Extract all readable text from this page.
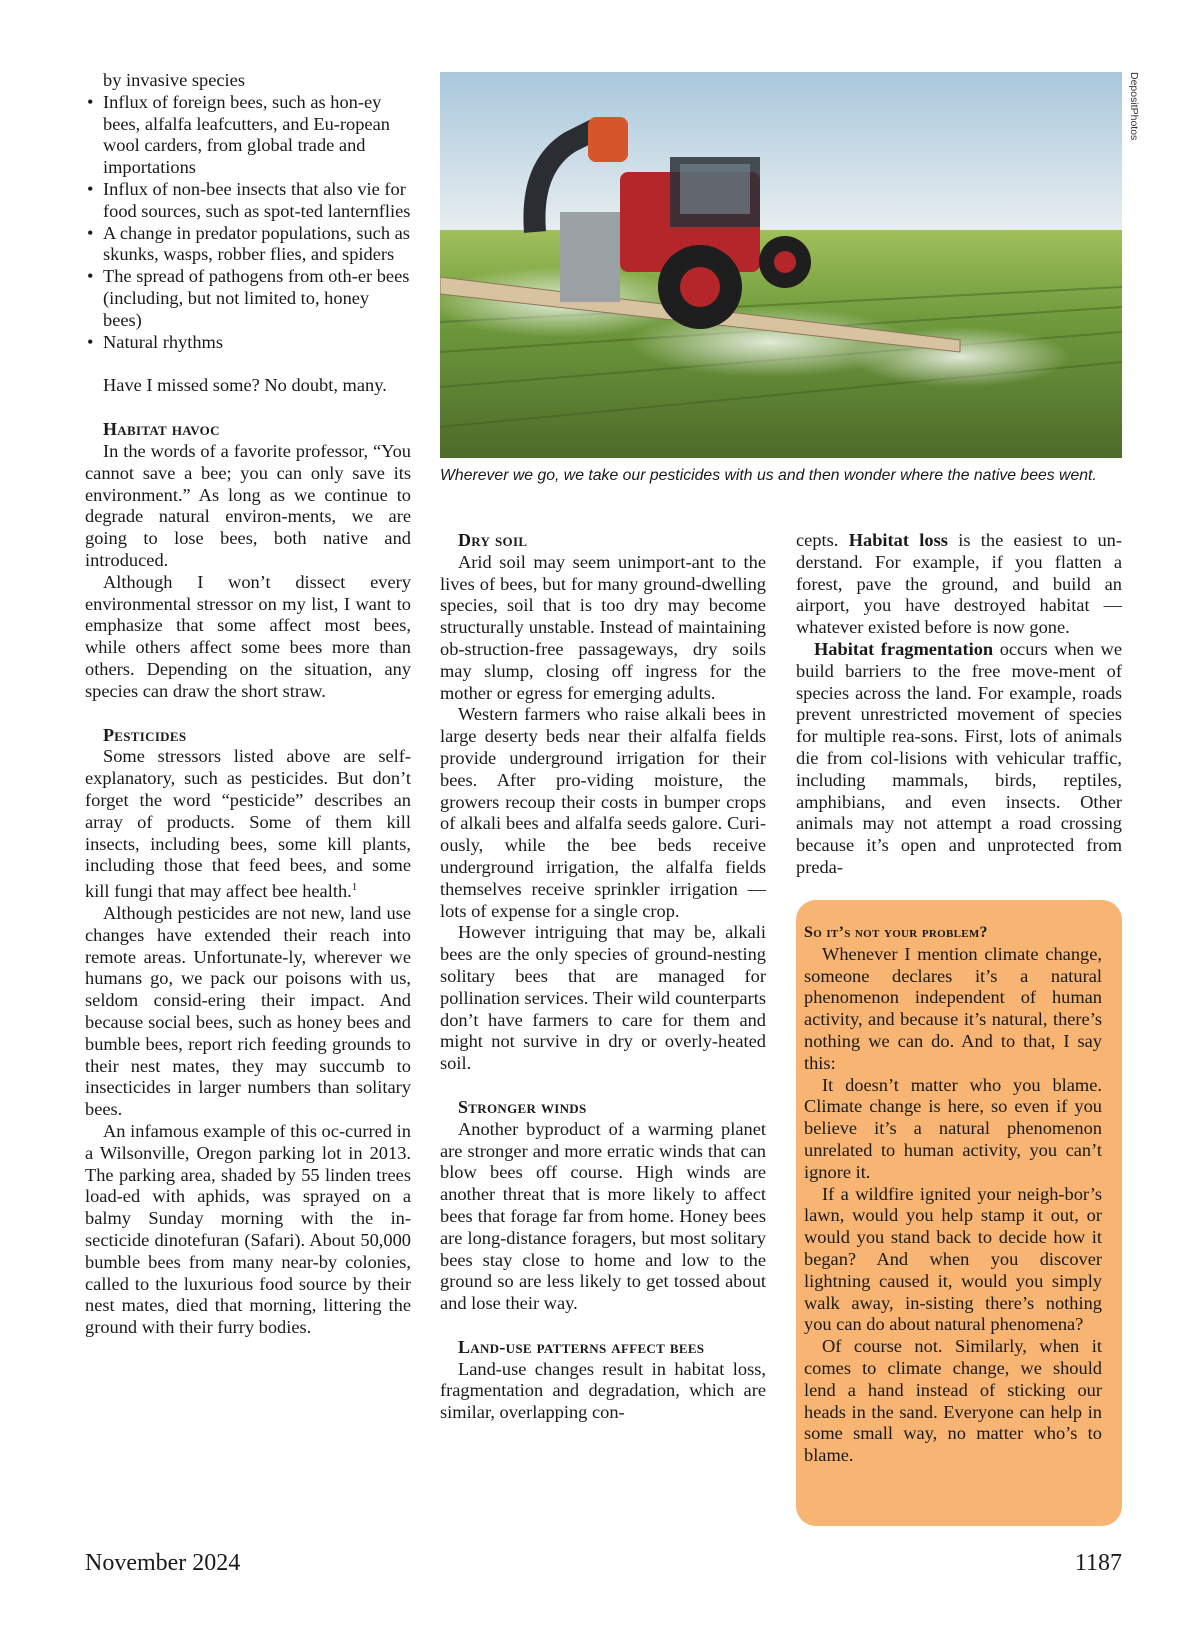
by invasive species
• Influx of foreign bees, such as hon-ey bees, alfalfa leafcutters, and Eu-ropean wool carders, from global trade and importations
• Influx of non-bee insects that also vie for food sources, such as spot-ted lanternflies
• A change in predator populations, such as skunks, wasps, robber flies, and spiders
• The spread of pathogens from oth-er bees (including, but not limited to, honey bees)
• Natural rhythms

Have I missed some? No doubt, many.

Habitat havoc

In the words of a favorite professor, “You cannot save a bee; you can only save its environment.” As long as we continue to degrade natural environ-ments, we are going to lose bees, both native and introduced.

Although I won’t dissect every environmental stressor on my list, I want to emphasize that some affect most bees, while others affect some bees more than others. Depending on the situation, any species can draw the short straw.

Pesticides

Some stressors listed above are self-explanatory, such as pesticides. But don’t forget the word “pesticide” describes an array of products. Some of them kill insects, including bees, some kill plants, including those that feed bees, and some kill fungi that may affect bee health.$^1$

Although pesticides are not new, land use changes have extended their reach into remote areas. Unfortunate-ly, wherever we humans go, we pack our poisons with us, seldom consid-ering their impact. And because social bees, such as honey bees and bumble bees, report rich feeding grounds to their nest mates, they may succumb to insecticides in larger numbers than solitary bees.

An infamous example of this oc-curred in a Wilsonville, Oregon parking lot in 2013. The parking area, shaded by 55 linden trees load-ed with aphids, was sprayed on a balmy Sunday morning with the in-secticide dinotefuran (Safari). About 50,000 bumble bees from many near-by colonies, called to the luxurious food source by their nest mates, died that morning, littering the ground with their furry bodies.

DepositPhotos
Wherever we go, we take our pesticides with us and then wonder where the native bees went.

Dry soil

Arid soil may seem unimport-ant to the lives of bees, but for many ground-dwelling species, soil that is too dry may become structurally unstable. Instead of maintaining ob-struction-free passageways, dry soils may slump, closing off ingress for the mother or egress for emerging adults.

Western farmers who raise alkali bees in large deserty beds near their alfalfa fields provide underground irrigation for their bees. After pro-viding moisture, the growers recoup their costs in bumper crops of alkali bees and alfalfa seeds galore. Curi-ously, while the bee beds receive underground irrigation, the alfalfa fields themselves receive sprinkler irrigation — lots of expense for a single crop.

However intriguing that may be, alkali bees are the only species of ground-nesting solitary bees that are managed for pollination services. Their wild counterparts don’t have farmers to care for them and might not survive in dry or overly-heated soil.

Stronger winds

Another byproduct of a warming planet are stronger and more erratic winds that can blow bees off course. High winds are another threat that is more likely to affect bees that forage far from home. Honey bees are long-distance foragers, but most solitary bees stay close to home and low to the ground so are less likely to get tossed about and lose their way.

Land-use patterns affect bees

Land-use changes result in habitat loss, fragmentation and degradation, which are similar, overlapping con-

cepts. Habitat loss is the easiest to un-derstand. For example, if you flatten a forest, pave the ground, and build an airport, you have destroyed habitat — whatever existed before is now gone.

Habitat fragmentation occurs when we build barriers to the free move-ment of species across the land. For example, roads prevent unrestricted movement of species for multiple rea-sons. First, lots of animals die from col-lisions with vehicular traffic, including mammals, birds, reptiles, amphibians, and even insects. Other animals may not attempt a road crossing because it’s open and unprotected from preda-

So it’s not your problem?

Whenever I mention climate change, someone declares it’s a natural phenomenon independent of human activity, and because it’s natural, there’s nothing we can do. And to that, I say this:

It doesn’t matter who you blame. Climate change is here, so even if you believe it’s a natural phenomenon unrelated to human activity, you can’t ignore it.

If a wildfire ignited your neigh-bor’s lawn, would you help stamp it out, or would you stand back to decide how it began? And when you discover lightning caused it, would you simply walk away, in-sisting there’s nothing you can do about natural phenomena?

Of course not. Similarly, when it comes to climate change, we should lend a hand instead of sticking our heads in the sand. Everyone can help in some small way, no matter who’s to blame.

November 2024	1187
